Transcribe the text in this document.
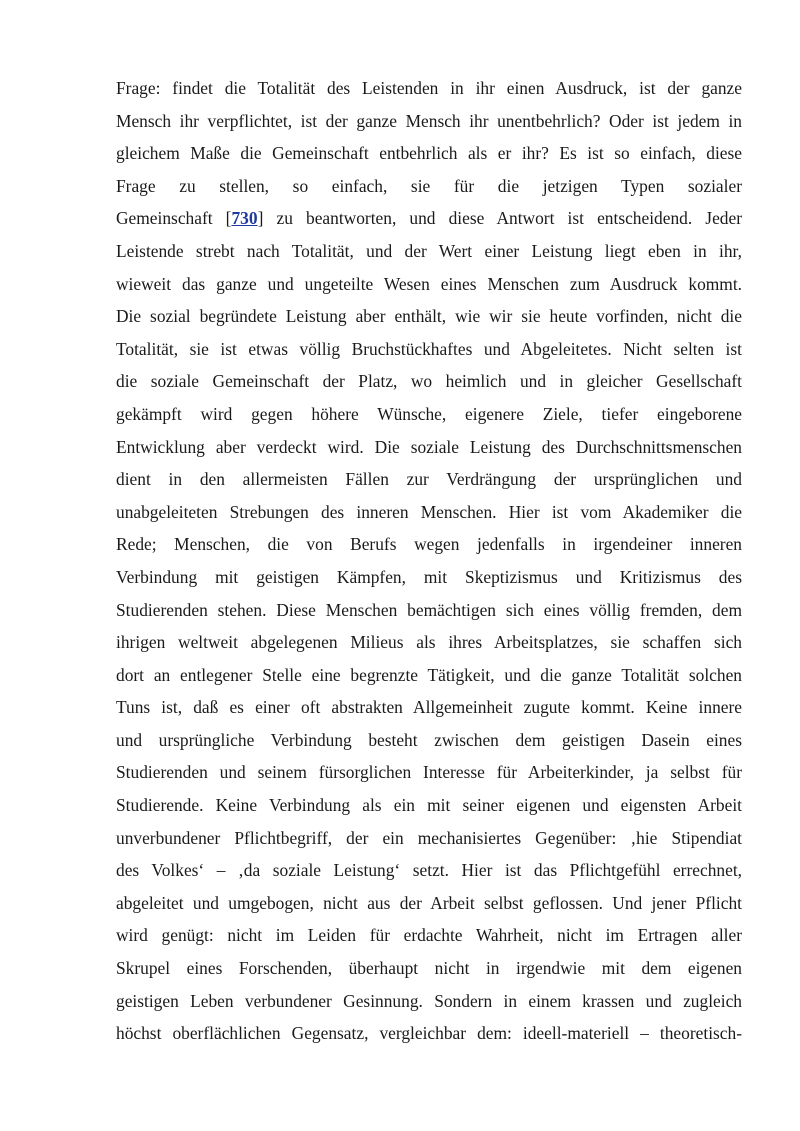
Frage: findet die Totalität des Leistenden in ihr einen Ausdruck, ist der ganze
Mensch ihr verpflichtet, ist der ganze Mensch ihr unentbehrlich? Oder ist jedem in
gleichem Maße die Gemeinschaft entbehrlich als er ihr? Es ist so einfach, diese
Frage zu stellen, so einfach, sie für die jetzigen Typen sozialer
Gemeinschaft [730] zu beantworten, und diese Antwort ist entscheidend. Jeder
Leistende strebt nach Totalität, und der Wert einer Leistung liegt eben in ihr,
wieweit das ganze und ungeteilte Wesen eines Menschen zum Ausdruck kommt.
Die sozial begründete Leistung aber enthält, wie wir sie heute vorfinden, nicht die
Totalität, sie ist etwas völlig Bruchstückhaftes und Abgeleitetes. Nicht selten ist
die soziale Gemeinschaft der Platz, wo heimlich und in gleicher Gesellschaft
gekämpft wird gegen höhere Wünsche, eigenere Ziele, tiefer eingeborene
Entwicklung aber verdeckt wird. Die soziale Leistung des Durchschnittsmenschen
dient in den allermeisten Fällen zur Verdrängung der ursprünglichen und
unabgeleiteten Strebungen des inneren Menschen. Hier ist vom Akademiker die
Rede; Menschen, die von Berufs wegen jedenfalls in irgendeiner inneren
Verbindung mit geistigen Kämpfen, mit Skeptizismus und Kritizismus des
Studierenden stehen. Diese Menschen bemächtigen sich eines völlig fremden, dem
ihrigen weltweit abgelegenen Milieus als ihres Arbeitsplatzes, sie schaffen sich
dort an entlegener Stelle eine begrenzte Tätigkeit, und die ganze Totalität solchen
Tuns ist, daß es einer oft abstrakten Allgemeinheit zugute kommt. Keine innere
und ursprüngliche Verbindung besteht zwischen dem geistigen Dasein eines
Studierenden und seinem fürsorglichen Interesse für Arbeiterkinder, ja selbst für
Studierende. Keine Verbindung als ein mit seiner eigenen und eigensten Arbeit
unverbundener Pflichtbegriff, der ein mechanisiertes Gegenüber: ‚hie Stipendiat
des Volkes‘ – ‚da soziale Leistung‘ setzt. Hier ist das Pflichtgefühl errechnet,
abgeleitet und umgebogen, nicht aus der Arbeit selbst geflossen. Und jener Pflicht
wird genügt: nicht im Leiden für erdachte Wahrheit, nicht im Ertragen aller
Skrupel eines Forschenden, überhaupt nicht in irgendwie mit dem eigenen
geistigen Leben verbundener Gesinnung. Sondern in einem krassen und zugleich
höchst oberflächlichen Gegensatz, vergleichbar dem: ideell-materiell – theoretisch-
